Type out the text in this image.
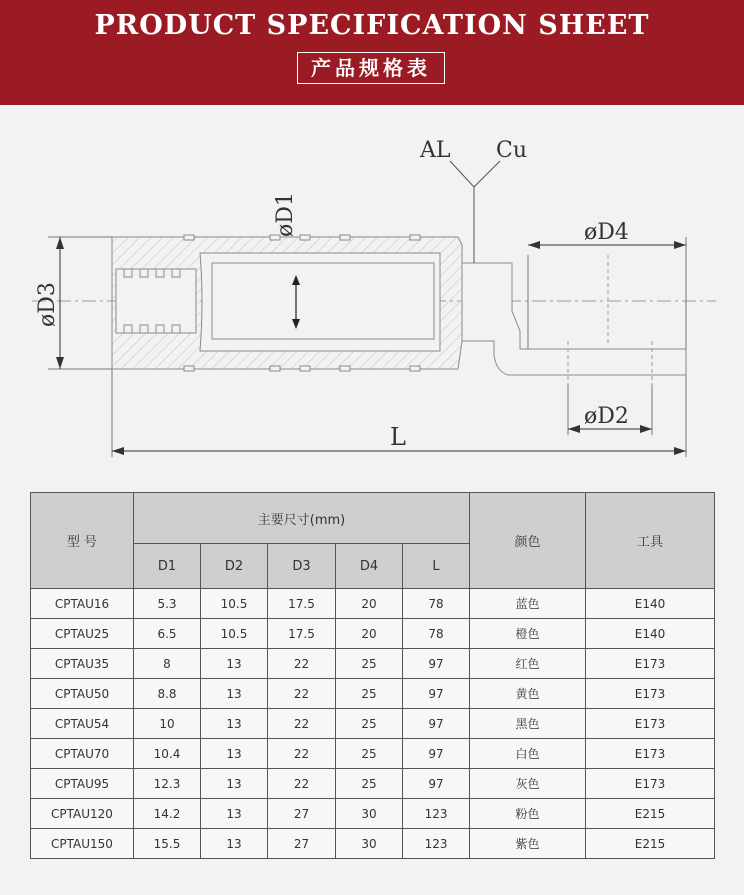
PRODUCT SPECIFICATION SHEET
产品规格表
øD1
AL Cu
øD4
øD2
øD3
L
型 号	主要尺寸(mm)					颜色	工具
	D1	D2	D3	D4	L		
CPTAU16	5.3	10.5	17.5	20	78	蓝色	E140
CPTAU25	6.5	10.5	17.5	20	78	橙色	E140
CPTAU35	8	13	22	25	97	红色	E173
CPTAU50	8.8	13	22	25	97	黄色	E173
CPTAU54	10	13	22	25	97	黑色	E173
CPTAU70	10.4	13	22	25	97	白色	E173
CPTAU95	12.3	13	22	25	97	灰色	E173
CPTAU120	14.2	13	27	30	123	粉色	E215
CPTAU150	15.5	13	27	30	123	紫色	E215
